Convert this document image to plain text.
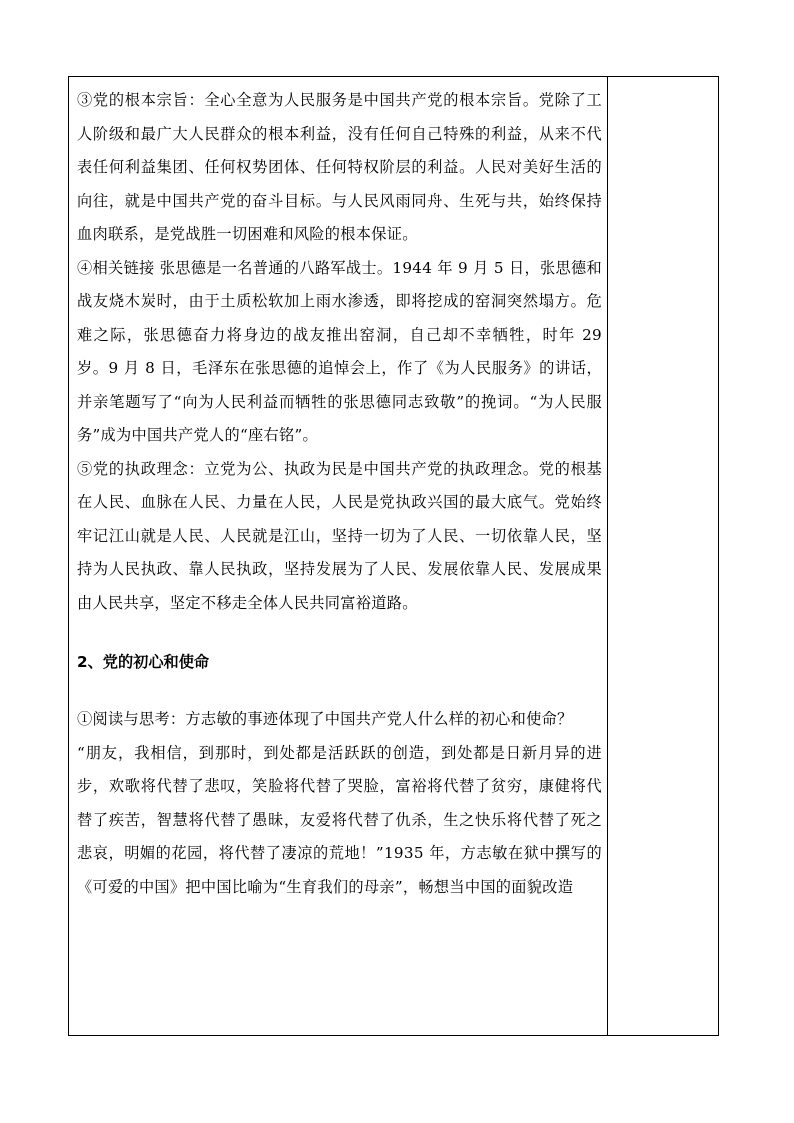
③党的根本宗旨：全心全意为人民服务是中国共产党的根本宗旨。党除了工人阶级和最广大人民群众的根本利益，没有任何自己特殊的利益，从来不代表任何利益集团、任何权势团体、任何特权阶层的利益。人民对美好生活的向往，就是中国共产党的奋斗目标。与人民风雨同舟、生死与共，始终保持血肉联系，是党战胜一切困难和风险的根本保证。

④相关链接 张思德是一名普通的八路军战士。1944 年 9 月 5 日，张思德和战友烧木炭时，由于土质松软加上雨水渗透，即将挖成的窑洞突然塌方。危难之际，张思德奋力将身边的战友推出窑洞，自己却不幸牺牲，时年 29 岁。9 月 8 日，毛泽东在张思德的追悼会上，作了《为人民服务》的讲话，并亲笔题写了“向为人民利益而牺牲的张思德同志致敬”的挽词。“为人民服务”成为中国共产党人的“座右铭”。

⑤党的执政理念：立党为公、执政为民是中国共产党的执政理念。党的根基在人民、血脉在人民、力量在人民，人民是党执政兴国的最大底气。党始终牢记江山就是人民、人民就是江山，坚持一切为了人民、一切依靠人民，坚持为人民执政、靠人民执政，坚持发展为了人民、发展依靠人民、发展成果由人民共享，坚定不移走全体人民共同富裕道路。

2、党的初心和使命

①阅读与思考：方志敏的事迹体现了中国共产党人什么样的初心和使命？

“朋友，我相信，到那时，到处都是活跃跃的创造，到处都是日新月异的进步，欢歌将代替了悲叹，笑脸将代替了哭脸，富裕将代替了贫穷，康健将代替了疾苦，智慧将代替了愚昧，友爱将代替了仇杀，生之快乐将代替了死之悲哀，明媚的花园，将代替了凄凉的荒地！”1935 年，方志敏在狱中撰写的《可爱的中国》把中国比喻为“生育我们的母亲”，畅想当中国的面貌改造
